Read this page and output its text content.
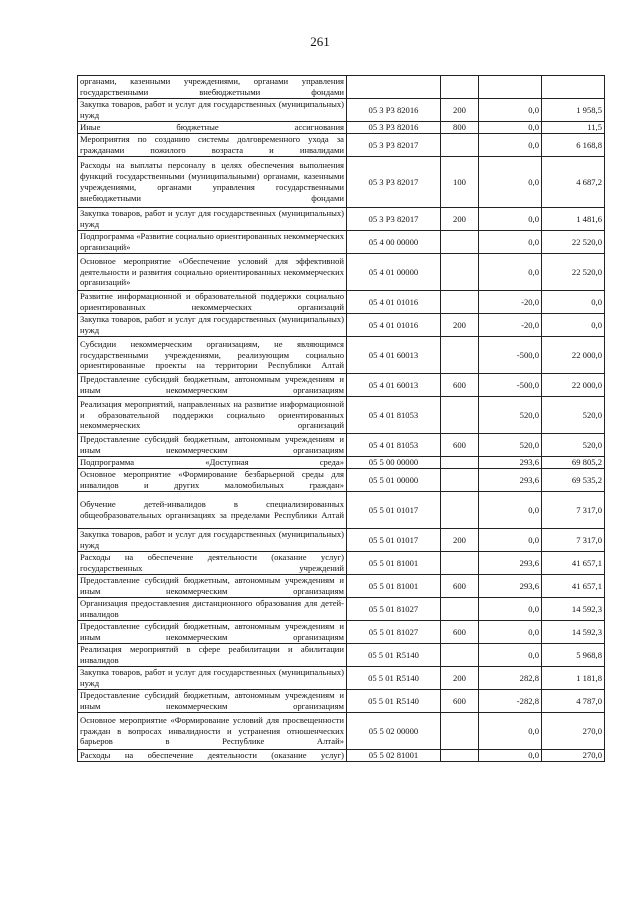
261
органами, казенными учреждениями, органами управления государственными внебюджетными фондами				
Закупка товаров, работ и услуг для государственных (муниципальных) нужд	05 3 P3 82016	200	0,0	1 958,5
Иные бюджетные ассигнования	05 3 P3 82016	800	0,0	11,5
Мероприятия по созданию системы долговременного ухода за гражданами пожилого возраста и инвалидами	05 3 P3 82017		0,0	6 168,8
Расходы на выплаты персоналу в целях обеспечения выполнения функций государственными (муниципальными) органами, казенными учреждениями, органами управления государственными внебюджетными фондами	05 3 P3 82017	100	0,0	4 687,2
Закупка товаров, работ и услуг для государственных (муниципальных) нужд	05 3 P3 82017	200	0,0	1 481,6
Подпрограмма «Развитие социально ориентированных некоммерческих организаций»	05 4 00 00000		0,0	22 520,0
Основное мероприятие «Обеспечение условий для эффективной деятельности и развития социально ориентированных некоммерческих организаций»	05 4 01 00000		0,0	22 520,0
Развитие информационной и образовательной поддержки социально ориентированных некоммерческих организаций	05 4 01 01016		-20,0	0,0
Закупка товаров, работ и услуг для государственных (муниципальных) нужд	05 4 01 01016	200	-20,0	0,0
Субсидии некоммерческим организациям, не являющимся государственными учреждениями, реализующим социально ориентированные проекты на территории Республики Алтай	05 4 01 60013		-500,0	22 000,0
Предоставление субсидий бюджетным, автономным учреждениям и иным некоммерческим организациям	05 4 01 60013	600	-500,0	22 000,0
Реализация мероприятий, направленных на развитие информационной и образовательной поддержки социально ориентированных некоммерческих организаций	05 4 01 81053		520,0	520,0
Предоставление субсидий бюджетным, автономным учреждениям и иным некоммерческим организациям	05 4 01 81053	600	520,0	520,0
Подпрограмма «Доступная среда»	05 5 00 00000		293,6	69 805,2
Основное мероприятие «Формирование безбарьерной среды для инвалидов и других маломобильных граждан»	05 5 01 00000		293,6	69 535,2
Обучение детей-инвалидов в специализированных общеобразовательных организациях за пределами Республики Алтай	05 5 01 01017		0,0	7 317,0
Закупка товаров, работ и услуг для государственных (муниципальных) нужд	05 5 01 01017	200	0,0	7 317,0
Расходы на обеспечение деятельности (оказание услуг) государственных учреждений	05 5 01 81001		293,6	41 657,1
Предоставление субсидий бюджетным, автономным учреждениям и иным некоммерческим организациям	05 5 01 81001	600	293,6	41 657,1
Организация предоставления дистанционного образования для детей-инвалидов	05 5 01 81027		0,0	14 592,3
Предоставление субсидий бюджетным, автономным учреждениям и иным некоммерческим организациям	05 5 01 81027	600	0,0	14 592,3
Реализация мероприятий в сфере реабилитации и абилитации инвалидов	05 5 01 R5140		0,0	5 968,8
Закупка товаров, работ и услуг для государственных (муниципальных) нужд	05 5 01 R5140	200	282,8	1 181,8
Предоставление субсидий бюджетным, автономным учреждениям и иным некоммерческим организациям	05 5 01 R5140	600	-282,8	4 787,0
Основное мероприятие «Формирование условий для просвещенности граждан в вопросах инвалидности и устранения отношенческих барьеров в Республике Алтай»	05 5 02 00000		0,0	270,0
Расходы на обеспечение деятельности (оказание услуг)	05 5 02 81001		0,0	270,0
